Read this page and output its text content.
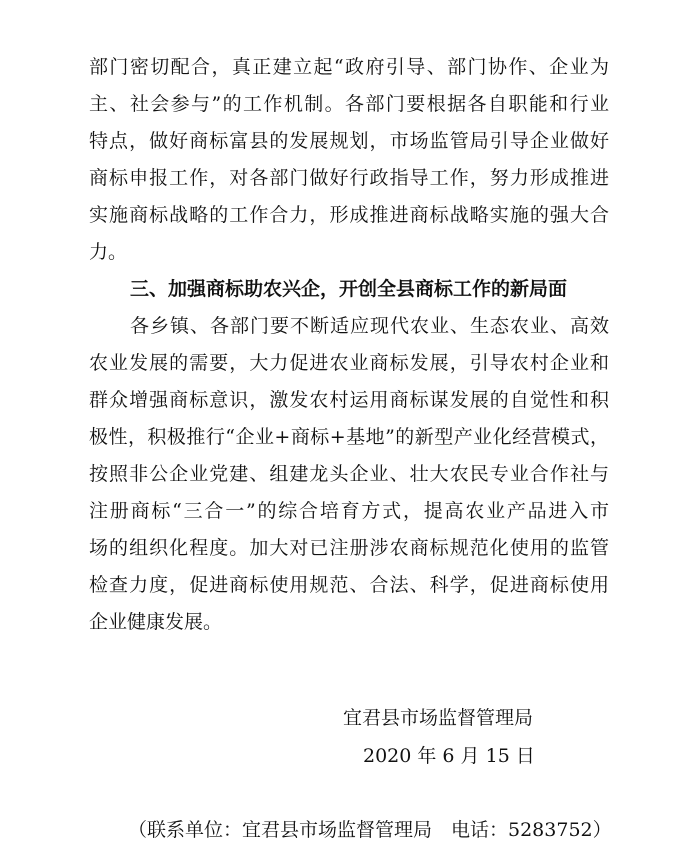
部门密切配合，真正建立起“政府引导、部门协作、企业为
主、社会参与”的工作机制。各部门要根据各自职能和行业
特点，做好商标富县的发展规划，市场监管局引导企业做好
商标申报工作，对各部门做好行政指导工作，努力形成推进
实施商标战略的工作合力，形成推进商标战略实施的强大合
力。
三、加强商标助农兴企，开创全县商标工作的新局面
各乡镇、各部门要不断适应现代农业、生态农业、高效
农业发展的需要，大力促进农业商标发展，引导农村企业和
群众增强商标意识，激发农村运用商标谋发展的自觉性和积
极性，积极推行“企业+商标+基地”的新型产业化经营模式，
按照非公企业党建、组建龙头企业、壮大农民专业合作社与
注册商标“三合一”的综合培育方式，提高农业产品进入市
场的组织化程度。加大对已注册涉农商标规范化使用的监管
检查力度，促进商标使用规范、合法、科学，促进商标使用
企业健康发展。
宜君县市场监督管理局
2020 年 6 月 15 日
（联系单位：宜君县市场监督管理局　电话：5283752）
